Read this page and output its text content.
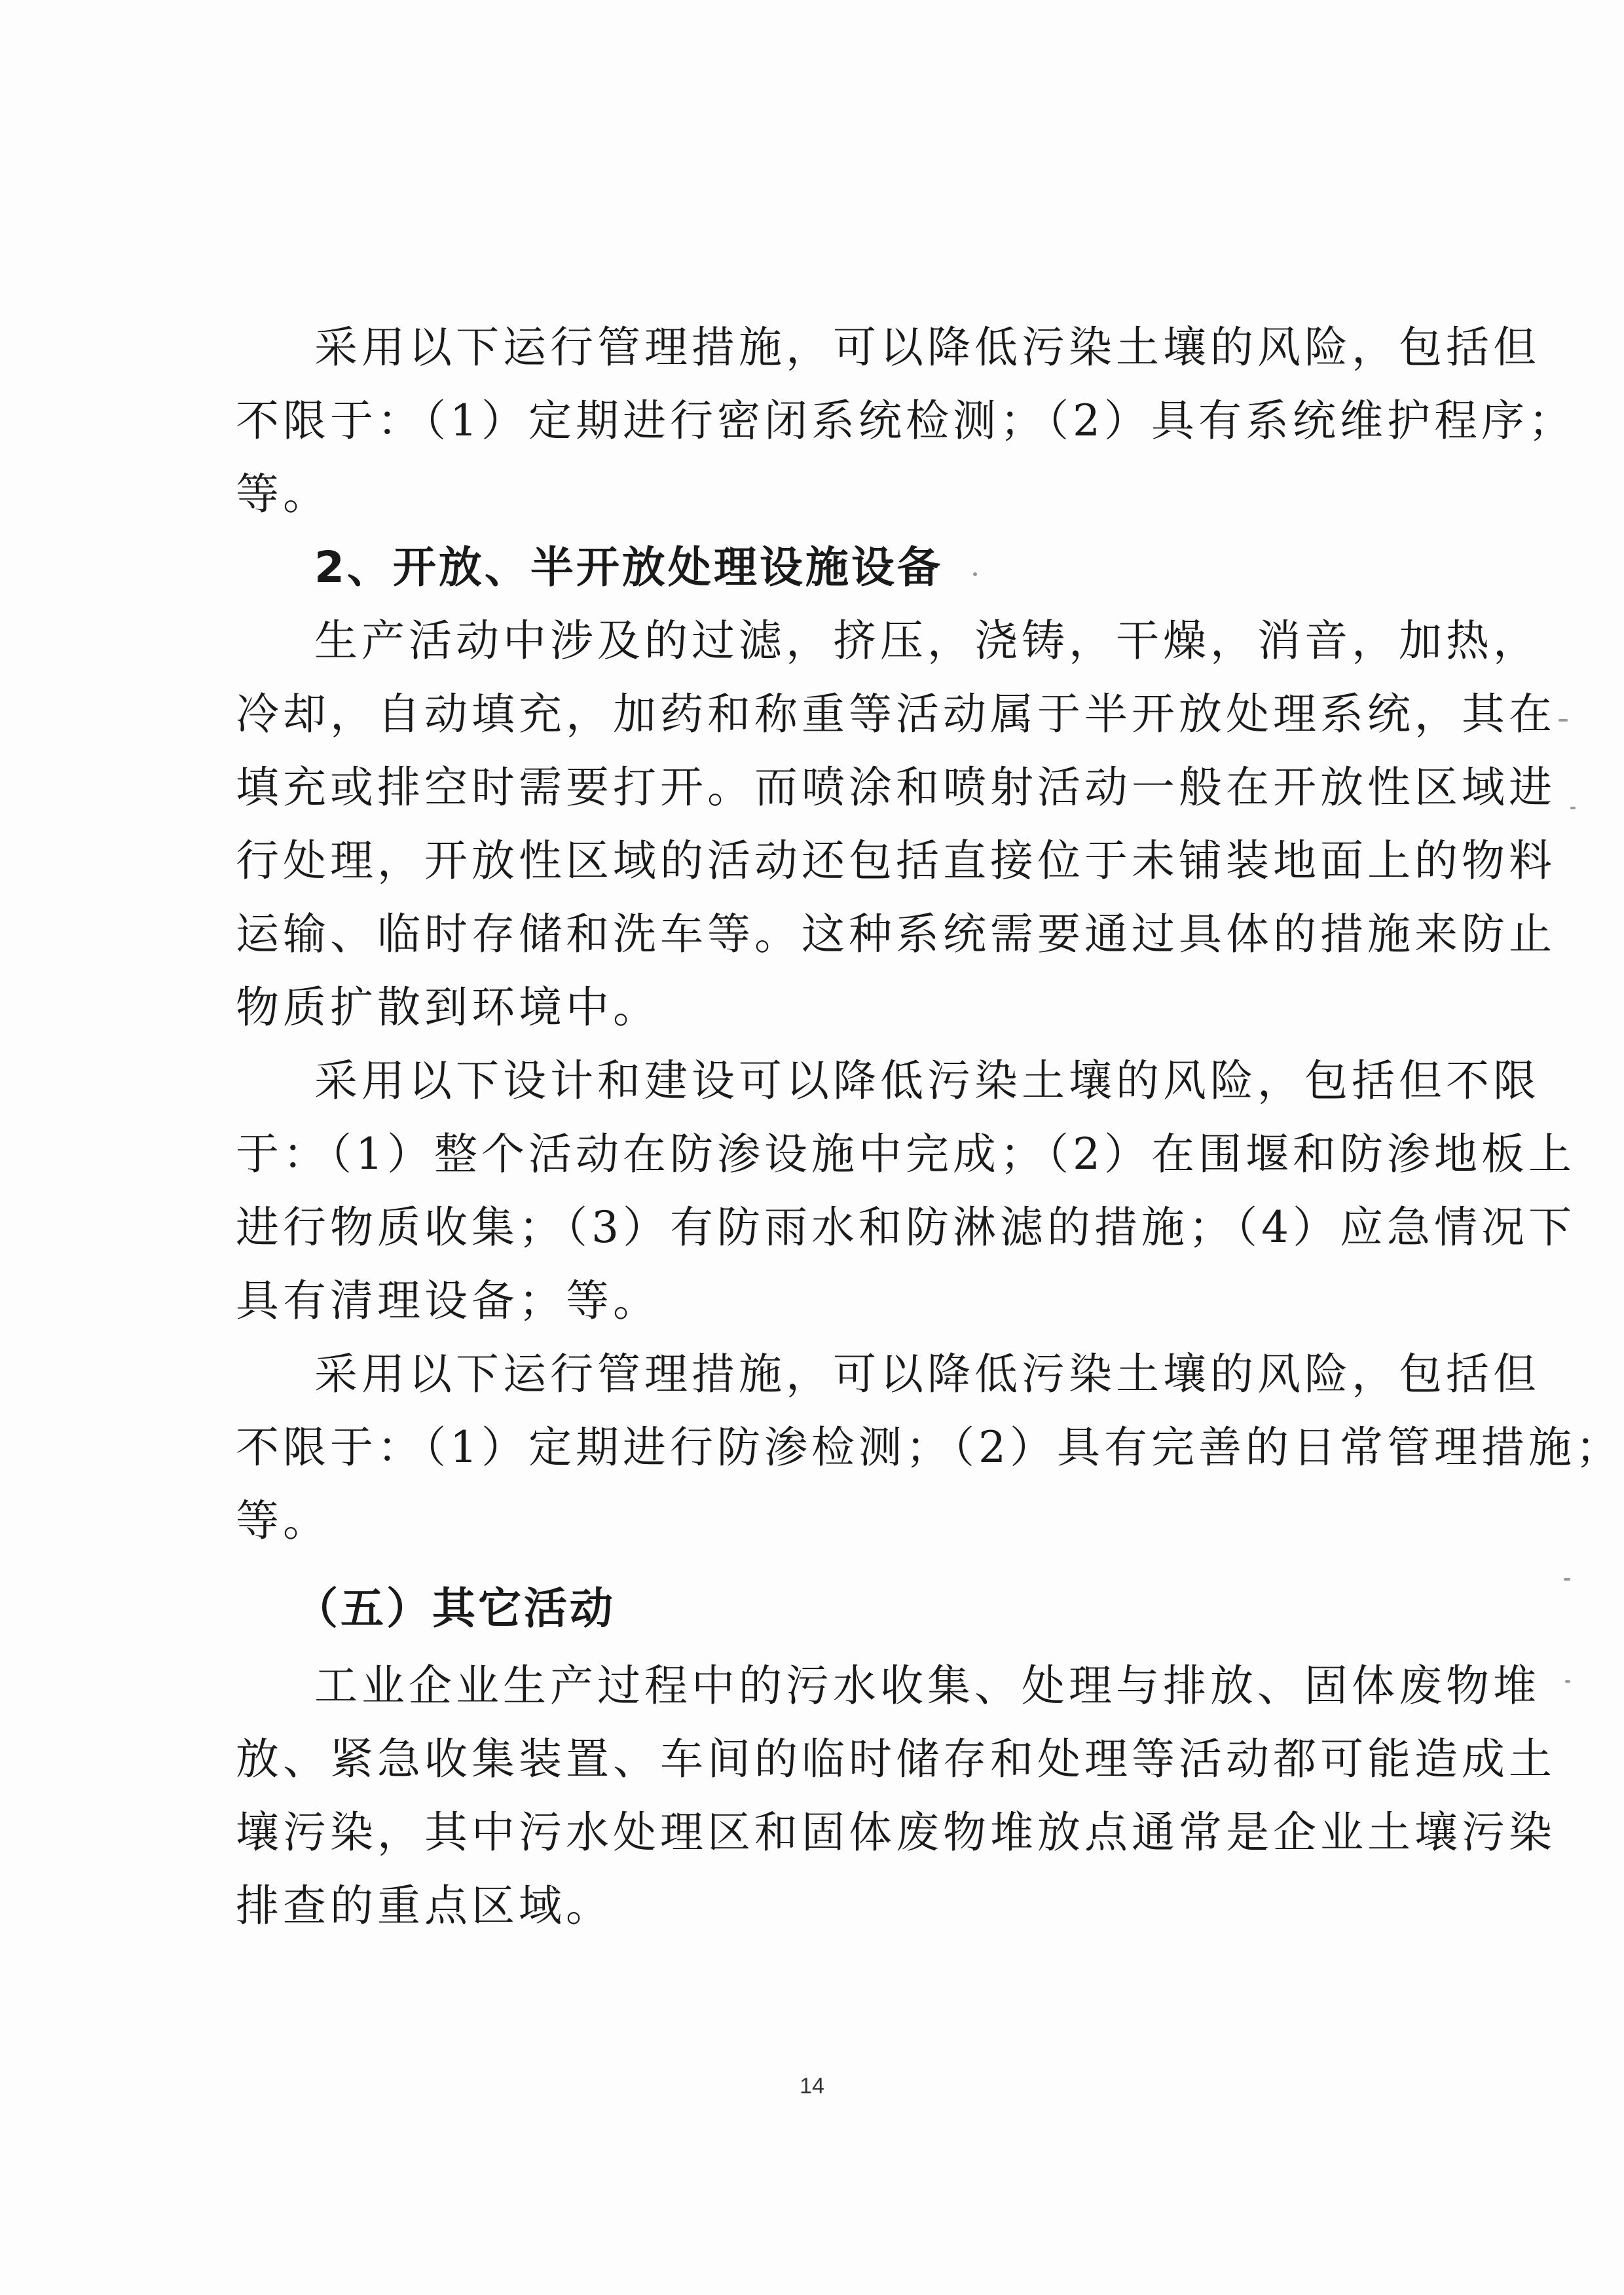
采用以下运行管理措施，可以降低污染土壤的风险，包括但
不限于：（1）定期进行密闭系统检测；（2）具有系统维护程序；
等。
2、开放、半开放处理设施设备
生产活动中涉及的过滤，挤压，浇铸，干燥，消音，加热，
冷却，自动填充，加药和称重等活动属于半开放处理系统，其在
填充或排空时需要打开。而喷涂和喷射活动一般在开放性区域进
行处理，开放性区域的活动还包括直接位于未铺装地面上的物料
运输、临时存储和洗车等。这种系统需要通过具体的措施来防止
物质扩散到环境中。
采用以下设计和建设可以降低污染土壤的风险，包括但不限
于：（1）整个活动在防渗设施中完成；（2）在围堰和防渗地板上
进行物质收集；（3）有防雨水和防淋滤的措施；（4）应急情况下
具有清理设备；等。
采用以下运行管理措施，可以降低污染土壤的风险，包括但
不限于：（1）定期进行防渗检测；（2）具有完善的日常管理措施；
等。
（五）其它活动
工业企业生产过程中的污水收集、处理与排放、固体废物堆
放、紧急收集装置、车间的临时储存和处理等活动都可能造成土
壤污染，其中污水处理区和固体废物堆放点通常是企业土壤污染
排查的重点区域。
14
